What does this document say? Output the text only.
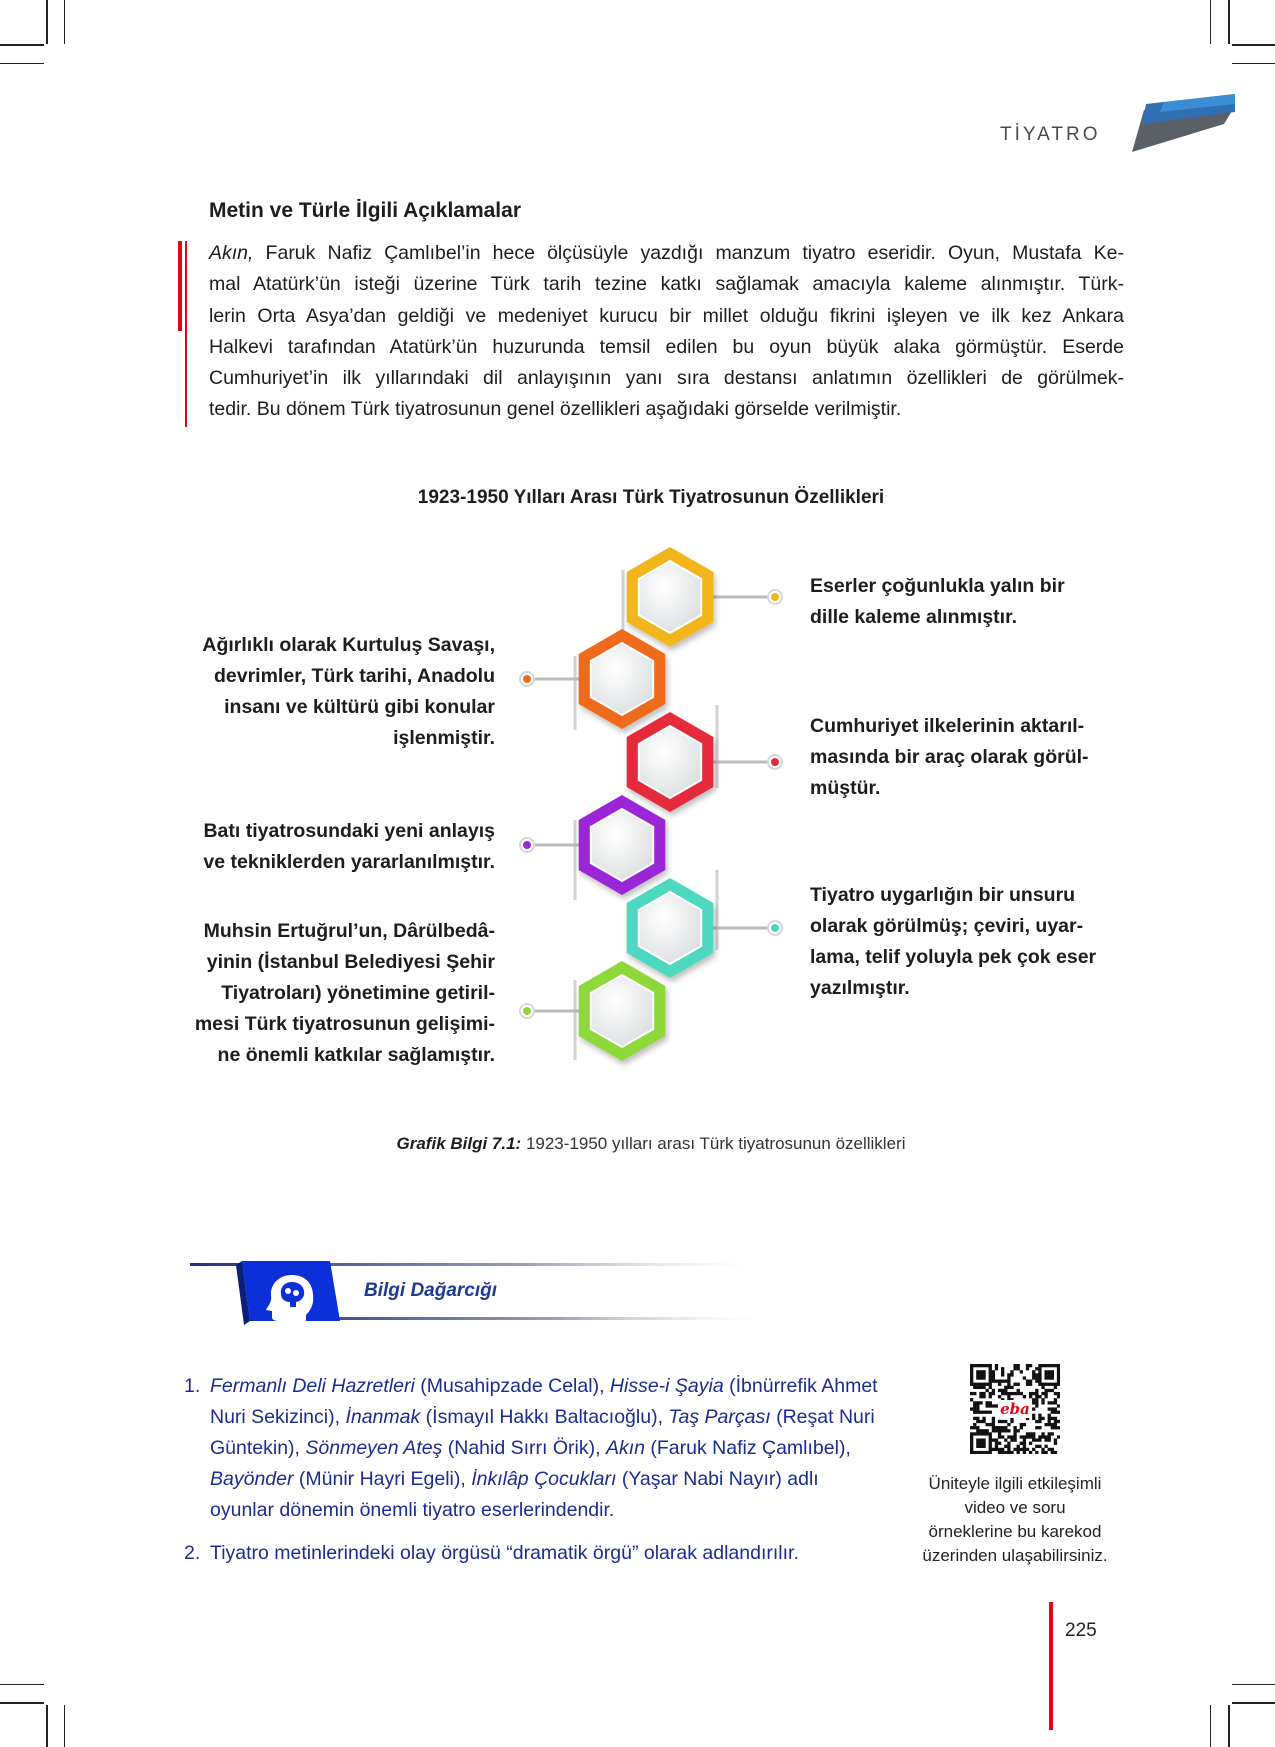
TİYATRO
Metin ve Türle İlgili Açıklamalar
Akın, Faruk Nafiz Çamlıbel’in hece ölçüsüyle yazdığı manzum tiyatro eseridir. Oyun, Mustafa Ke-
mal Atatürk’ün isteği üzerine Türk tarih tezine katkı sağlamak amacıyla kaleme alınmıştır. Türk-
lerin Orta Asya’dan geldiği ve medeniyet kurucu bir millet olduğu fikrini işleyen ve ilk kez Ankara
Halkevi tarafından Atatürk’ün huzurunda temsil edilen bu oyun büyük alaka görmüştür. Eserde
Cumhuriyet’in ilk yıllarındaki dil anlayışının yanı sıra destansı anlatımın özellikleri de görülmek-
tedir. Bu dönem Türk tiyatrosunun genel özellikleri aşağıdaki görselde verilmiştir.
1923-1950 Yılları Arası Türk Tiyatrosunun Özellikleri
Ağırlıklı olarak Kurtuluş Savaşı,
devrimler, Türk tarihi, Anadolu
insanı ve kültürü gibi konular
işlenmiştir.
Batı tiyatrosundaki yeni anlayış
ve tekniklerden yararlanılmıştır.
Muhsin Ertuğrul’un, Dârülbedâ-
yinin (İstanbul Belediyesi Şehir
Tiyatroları) yönetimine getiril-
mesi Türk tiyatrosunun gelişimi-
ne önemli katkılar sağlamıştır.
Eserler çoğunlukla yalın bir
dille kaleme alınmıştır.
Cumhuriyet ilkelerinin aktarıl-
masında bir araç olarak görül-
müştür.
Tiyatro uygarlığın bir unsuru
olarak görülmüş; çeviri, uyar-
lama, telif yoluyla pek çok eser
yazılmıştır.
Grafik Bilgi 7.1: 1923-1950 yılları arası Türk tiyatrosunun özellikleri
Bilgi Dağarcığı
1. Fermanlı Deli Hazretleri (Musahipzade Celal), Hisse-i Şayia (İbnürrefik Ahmet Nuri Sekizinci), İnanmak (İsmayıl Hakkı Baltacıoğlu), Taş Parçası (Reşat Nuri Güntekin), Sönmeyen Ateş (Nahid Sırrı Örik), Akın (Faruk Nafiz Çamlıbel), Bayönder (Münir Hayri Egeli), İnkılâp Çocukları (Yaşar Nabi Nayır) adlı oyunlar dönemin önemli tiyatro eserlerindendir.
2. Tiyatro metinlerindeki olay örgüsü “dramatik örgü” olarak adlandırılır.
eba
Üniteyle ilgili etkileşimli
video ve soru
örneklerine bu karekod
üzerinden ulaşabilirsiniz.
225
